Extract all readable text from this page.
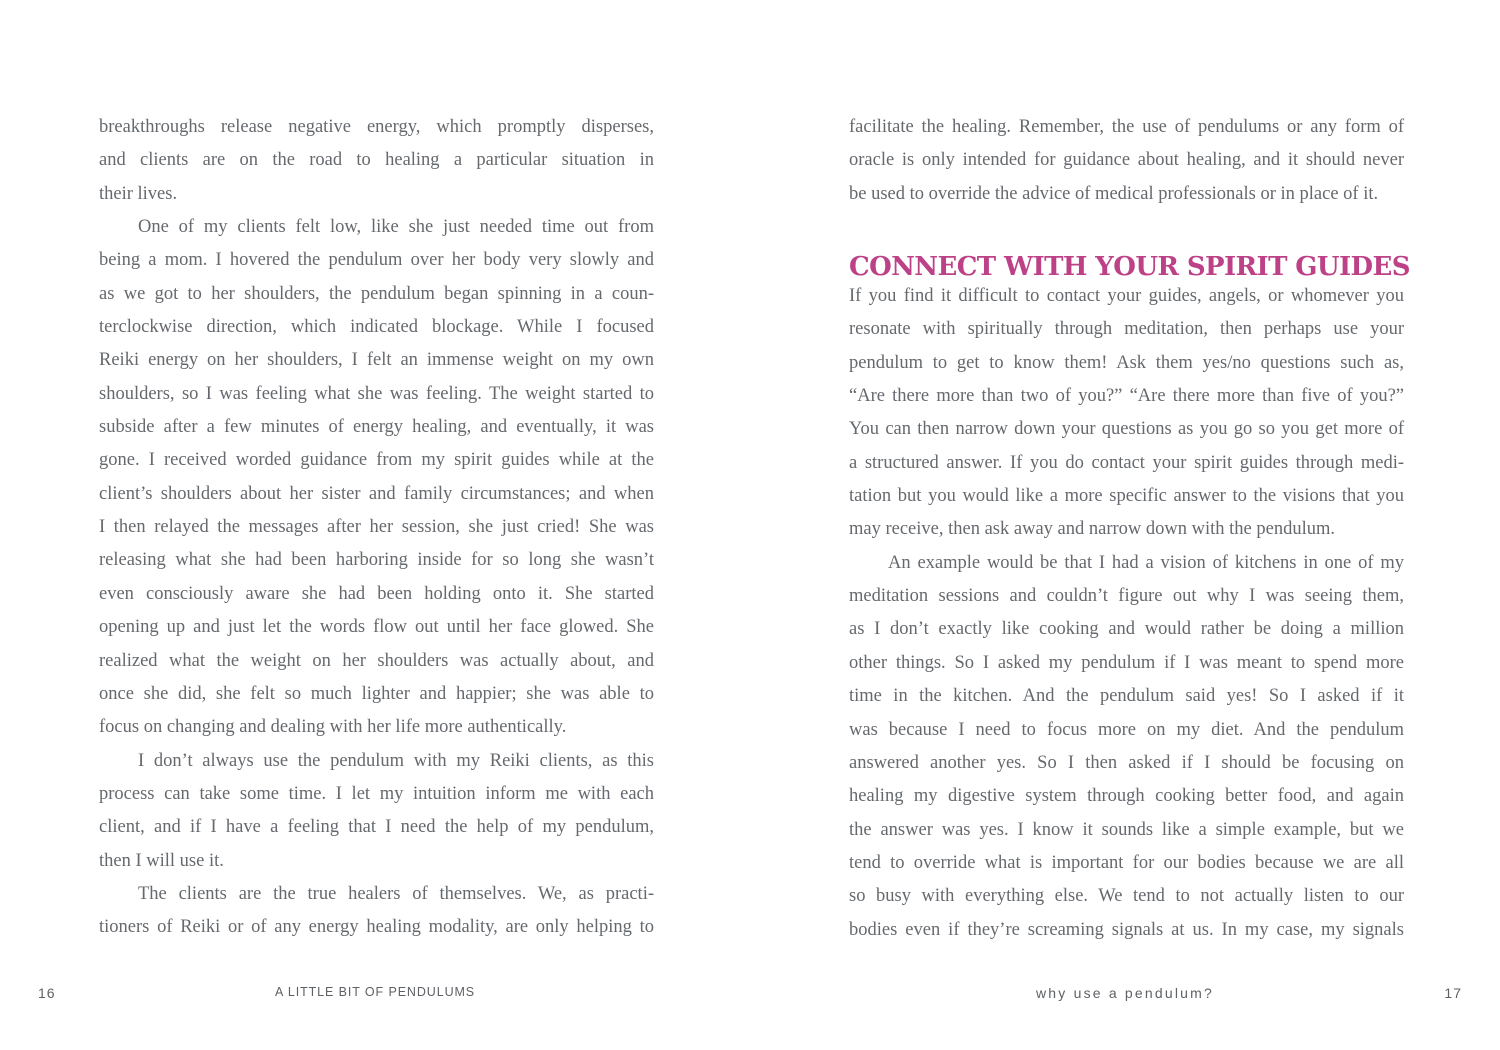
breakthroughs release negative energy, which promptly disperses,
and clients are on the road to healing a particular situation in
their lives.
One of my clients felt low, like she just needed time out from
being a mom. I hovered the pendulum over her body very slowly and
as we got to her shoulders, the pendulum began spinning in a coun-
terclockwise direction, which indicated blockage. While I focused
Reiki energy on her shoulders, I felt an immense weight on my own
shoulders, so I was feeling what she was feeling. The weight started to
subside after a few minutes of energy healing, and eventually, it was
gone. I received worded guidance from my spirit guides while at the
client’s shoulders about her sister and family circumstances; and when
I then relayed the messages after her session, she just cried! She was
releasing what she had been harboring inside for so long she wasn’t
even consciously aware she had been holding onto it. She started
opening up and just let the words flow out until her face glowed. She
realized what the weight on her shoulders was actually about, and
once she did, she felt so much lighter and happier; she was able to
focus on changing and dealing with her life more authentically.
I don’t always use the pendulum with my Reiki clients, as this
process can take some time. I let my intuition inform me with each
client, and if I have a feeling that I need the help of my pendulum,
then I will use it.
The clients are the true healers of themselves. We, as practi-
tioners of Reiki or of any energy healing modality, are only helping to
facilitate the healing. Remember, the use of pendulums or any form of
oracle is only intended for guidance about healing, and it should never
be used to override the advice of medical professionals or in place of it.
CONNECT WITH YOUR SPIRIT GUIDES
If you find it difficult to contact your guides, angels, or whomever you
resonate with spiritually through meditation, then perhaps use your
pendulum to get to know them! Ask them yes/no questions such as,
“Are there more than two of you?” “Are there more than five of you?”
You can then narrow down your questions as you go so you get more of
a structured answer. If you do contact your spirit guides through medi-
tation but you would like a more specific answer to the visions that you
may receive, then ask away and narrow down with the pendulum.
An example would be that I had a vision of kitchens in one of my
meditation sessions and couldn’t figure out why I was seeing them,
as I don’t exactly like cooking and would rather be doing a million
other things. So I asked my pendulum if I was meant to spend more
time in the kitchen. And the pendulum said yes! So I asked if it
was because I need to focus more on my diet. And the pendulum
answered another yes. So I then asked if I should be focusing on
healing my digestive system through cooking better food, and again
the answer was yes. I know it sounds like a simple example, but we
tend to override what is important for our bodies because we are all
so busy with everything else. We tend to not actually listen to our
bodies even if they’re screaming signals at us. In my case, my signals
16	A LITTLE BIT OF PENDULUMS	why use a pendulum?	17
